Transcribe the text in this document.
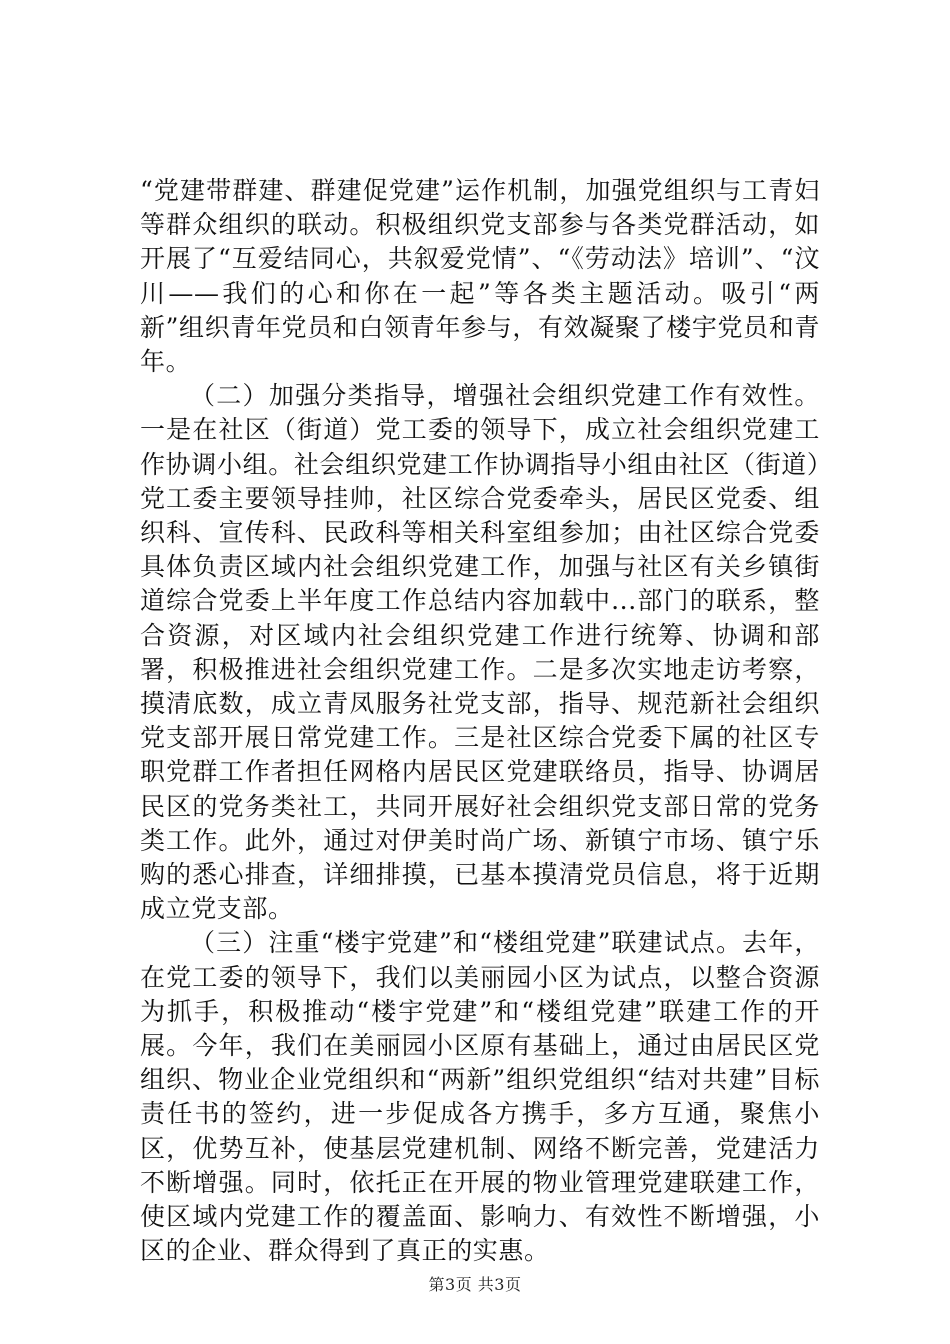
“党建带群建、群建促党建”运作机制，加强党组织与工青妇等群众组织的联动。积极组织党支部参与各类党群活动，如开展了“互爱结同心，共叙爱党情”、“《劳动法》培训”、“汶川——我们的心和你在一起”等各类主题活动。吸引“两新”组织青年党员和白领青年参与，有效凝聚了楼宇党员和青年。

（二）加强分类指导，增强社会组织党建工作有效性。一是在社区（街道）党工委的领导下，成立社会组织党建工作协调小组。社会组织党建工作协调指导小组由社区（街道）党工委主要领导挂帅，社区综合党委牵头，居民区党委、组织科、宣传科、民政科等相关科室组参加；由社区综合党委具体负责区域内社会组织党建工作，加强与社区有关乡镇街道综合党委上半年度工作总结内容加载中...部门的联系，整合资源，对区域内社会组织党建工作进行统筹、协调和部署，积极推进社会组织党建工作。二是多次实地走访考察，摸清底数，成立青凤服务社党支部，指导、规范新社会组织党支部开展日常党建工作。三是社区综合党委下属的社区专职党群工作者担任网格内居民区党建联络员，指导、协调居民区的党务类社工，共同开展好社会组织党支部日常的党务类工作。此外，通过对伊美时尚广场、新镇宁市场、镇宁乐购的悉心排查，详细排摸，已基本摸清党员信息，将于近期成立党支部。

（三）注重“楼宇党建”和“楼组党建”联建试点。去年，在党工委的领导下，我们以美丽园小区为试点，以整合资源为抓手，积极推动“楼宇党建”和“楼组党建”联建工作的开展。今年，我们在美丽园小区原有基础上，通过由居民区党组织、物业企业党组织和“两新”组织党组织“结对共建”目标责任书的签约，进一步促成各方携手，多方互通，聚焦小区，优势互补，使基层党建机制、网络不断完善，党建活力不断增强。同时，依托正在开展的物业管理党建联建工作，使区域内党建工作的覆盖面、影响力、有效性不断增强，小区的企业、群众得到了真正的实惠。

第3页 共3页
